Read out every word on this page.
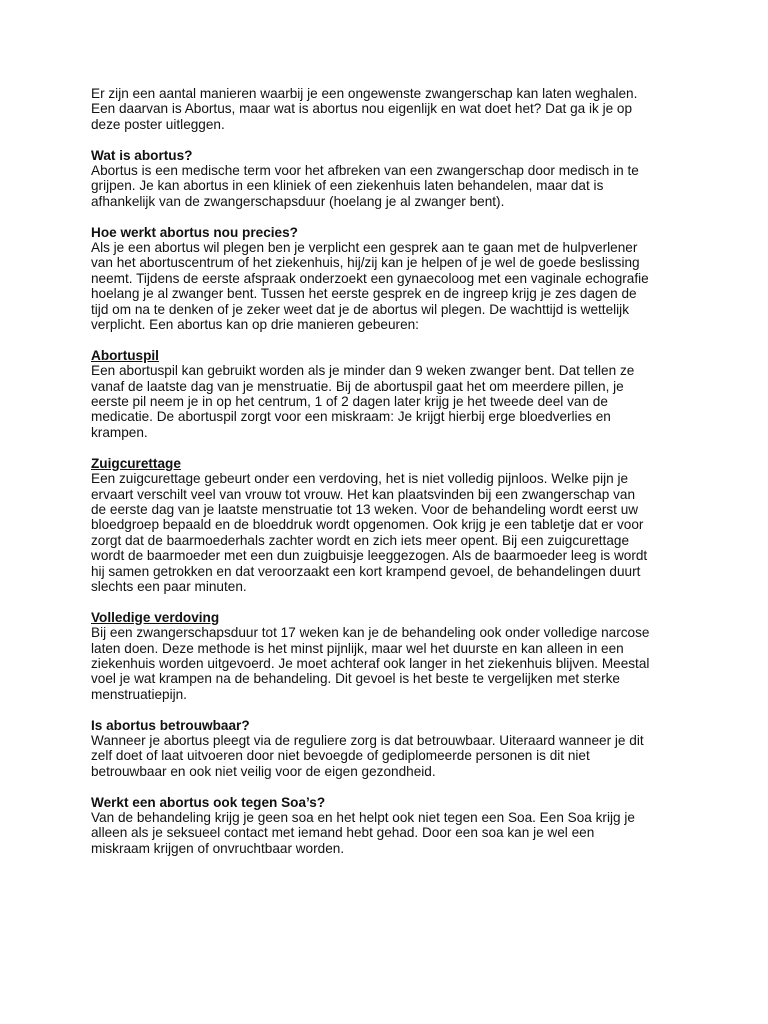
Er zijn een aantal manieren waarbij je een ongewenste zwangerschap kan laten weghalen.
Een daarvan is Abortus, maar wat is abortus nou eigenlijk en wat doet het? Dat ga ik je op
deze poster uitleggen.
Wat is abortus?
Abortus is een medische term voor het afbreken van een zwangerschap door medisch in te
grijpen. Je kan abortus in een kliniek of een ziekenhuis laten behandelen, maar dat is
afhankelijk van de zwangerschapsduur (hoelang je al zwanger bent).
Hoe werkt abortus nou precies?
Als je een abortus wil plegen ben je verplicht een gesprek aan te gaan met de hulpverlener
van het abortuscentrum of het ziekenhuis, hij/zij kan je helpen of je wel de goede beslissing
neemt. Tijdens de eerste afspraak onderzoekt een gynaecoloog met een vaginale echografie
hoelang je al zwanger bent. Tussen het eerste gesprek en de ingreep krijg je zes dagen de
tijd om na te denken of je zeker weet dat je de abortus wil plegen. De wachttijd is wettelijk
verplicht. Een abortus kan op drie manieren gebeuren:
Abortuspil
Een abortuspil kan gebruikt worden als je minder dan 9 weken zwanger bent. Dat tellen ze
vanaf de laatste dag van je menstruatie. Bij de abortuspil gaat het om meerdere pillen, je
eerste pil neem je in op het centrum, 1 of 2 dagen later krijg je het tweede deel van de
medicatie. De abortuspil zorgt voor een miskraam: Je krijgt hierbij erge bloedverlies en
krampen.
Zuigcurettage
Een zuigcurettage gebeurt onder een verdoving, het is niet volledig pijnloos. Welke pijn je
ervaart verschilt veel van vrouw tot vrouw. Het kan plaatsvinden bij een zwangerschap van
de eerste dag van je laatste menstruatie tot 13 weken. Voor de behandeling wordt eerst uw
bloedgroep bepaald en de bloeddruk wordt opgenomen. Ook krijg je een tabletje dat er voor
zorgt dat de baarmoederhals zachter wordt en zich iets meer opent. Bij een zuigcurettage
wordt de baarmoeder met een dun zuigbuisje leeggezogen. Als de baarmoeder leeg is wordt
hij samen getrokken en dat veroorzaakt een kort krampend gevoel, de behandelingen duurt
slechts een paar minuten.
Volledige verdoving
Bij een zwangerschapsduur tot 17 weken kan je de behandeling ook onder volledige narcose
laten doen. Deze methode is het minst pijnlijk, maar wel het duurste en kan alleen in een
ziekenhuis worden uitgevoerd. Je moet achteraf ook langer in het ziekenhuis blijven. Meestal
voel je wat krampen na de behandeling. Dit gevoel is het beste te vergelijken met sterke
menstruatiepijn.
Is abortus betrouwbaar?
Wanneer je abortus pleegt via de reguliere zorg is dat betrouwbaar. Uiteraard wanneer je dit
zelf doet of laat uitvoeren door niet bevoegde of gediplomeerde personen is dit niet
betrouwbaar en ook niet veilig voor de eigen gezondheid.
Werkt een abortus ook tegen Soa’s?
Van de behandeling krijg je geen soa en het helpt ook niet tegen een Soa. Een Soa krijg je
alleen als je seksueel contact met iemand hebt gehad. Door een soa kan je wel een
miskraam krijgen of onvruchtbaar worden.
